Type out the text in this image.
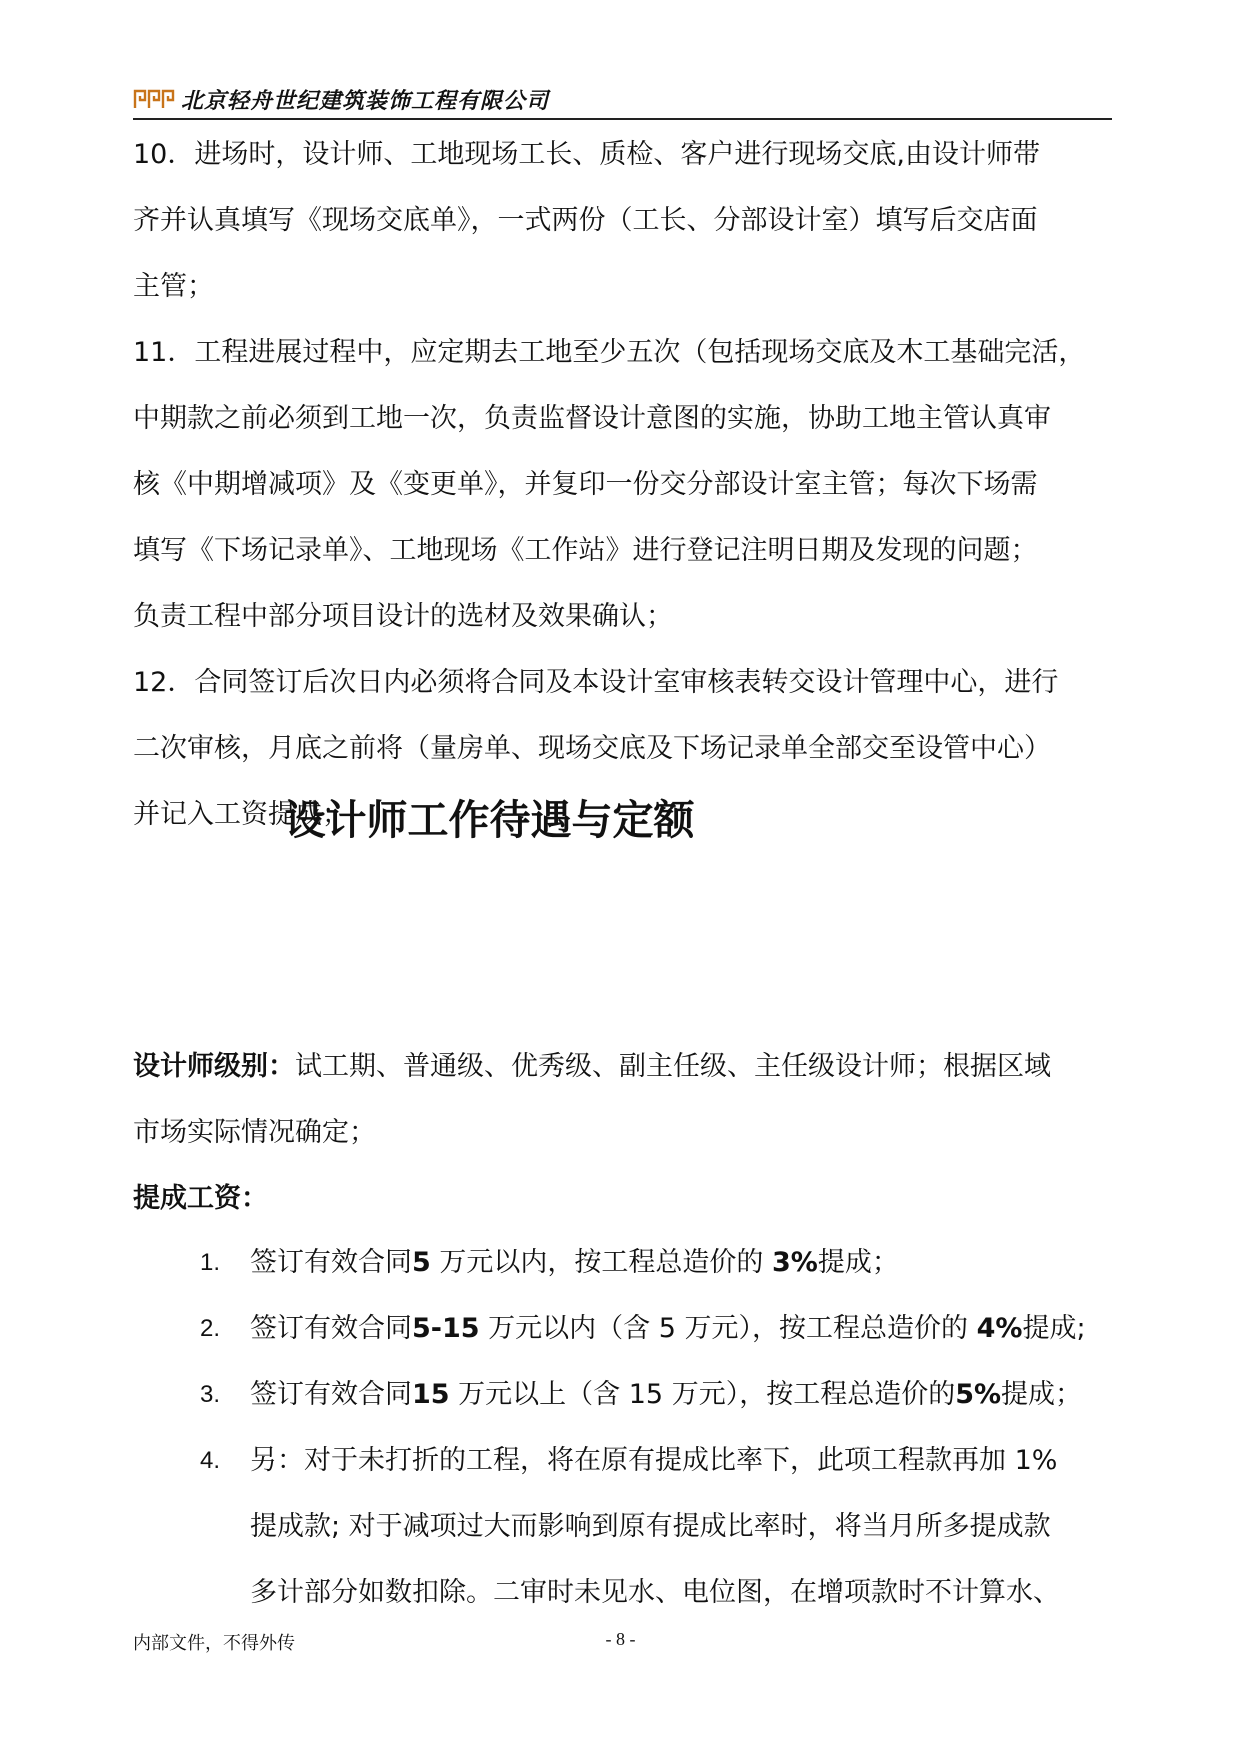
北京轻舟世纪建筑装饰工程有限公司

10．进场时，设计师、工地现场工长、质检、客户进行现场交底,由设计师带

齐并认真填写《现场交底单》，一式两份（工长、分部设计室）填写后交店面

主管；

11．工程进展过程中，应定期去工地至少五次（包括现场交底及木工基础完活，

中期款之前必须到工地一次，负责监督设计意图的实施，协助工地主管认真审

核《中期增减项》及《变更单》，并复印一份交分部设计室主管；每次下场需

填写《下场记录单》、工地现场《工作站》进行登记注明日期及发现的问题；

负责工程中部分项目设计的选材及效果确认；

12．合同签订后次日内必须将合同及本设计室审核表转交设计管理中心，进行

二次审核，月底之前将（量房单、现场交底及下场记录单全部交至设管中心）

并记入工资提成；

设计师工作待遇与定额

设计师级别：试工期、普通级、优秀级、副主任级、主任级设计师；根据区域

市场实际情况确定；

提成工资：

1. 签订有效合同5 万元以内，按工程总造价的 3%提成；

2. 签订有效合同5-15 万元以内（含 5 万元），按工程总造价的 4%提成;

3. 签订有效合同15 万元以上（含 15 万元），按工程总造价的5%提成；

4. 另：对于未打折的工程，将在原有提成比率下，此项工程款再加 1%

提成款; 对于减项过大而影响到原有提成比率时，将当月所多提成款

多计部分如数扣除。二审时未见水、电位图，在增项款时不计算水、

内部文件，不得外传	- 8 -
